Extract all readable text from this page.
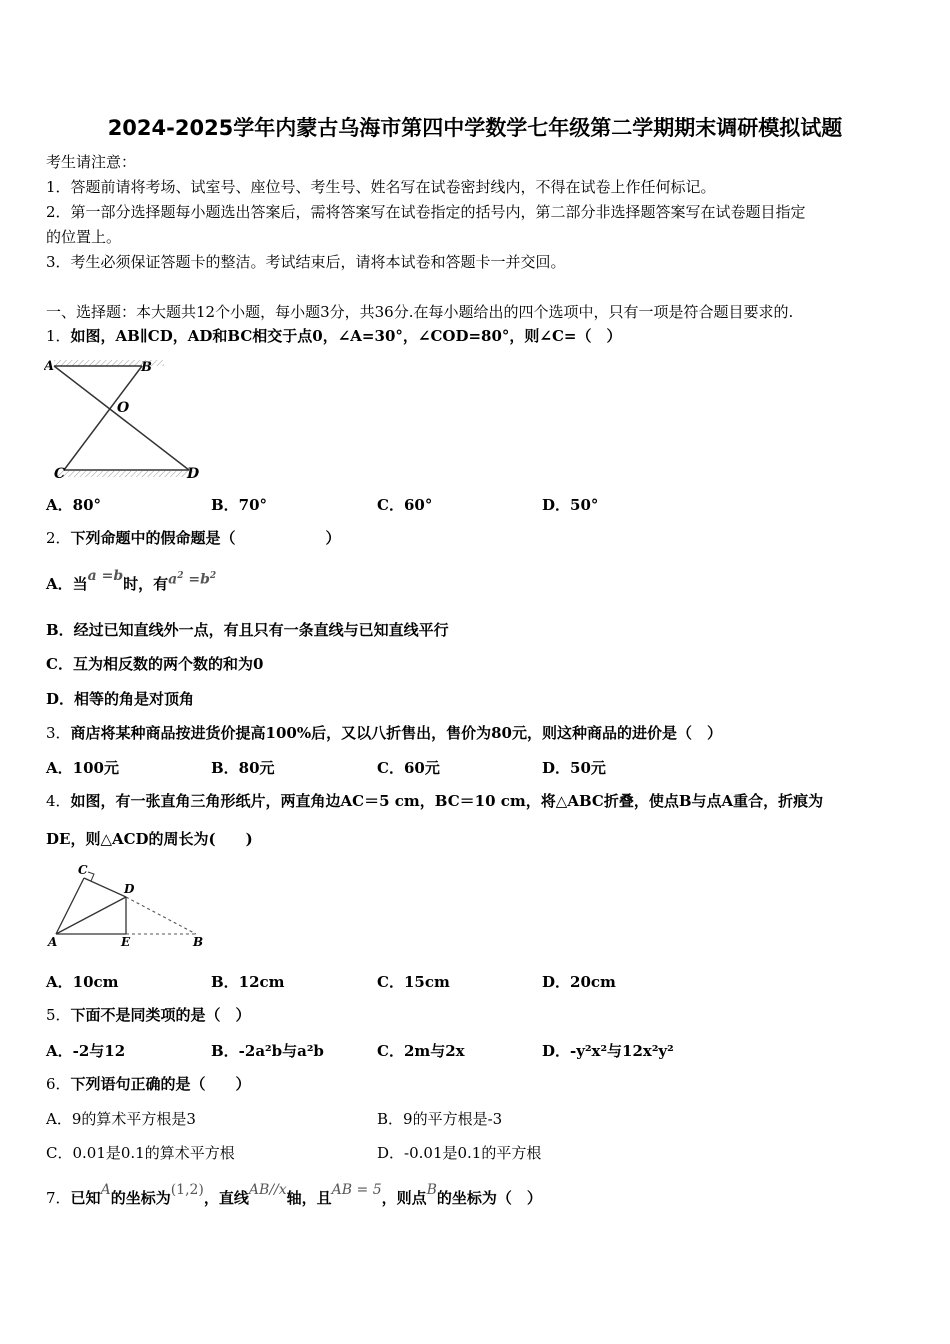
2024-2025学年内蒙古乌海市第四中学数学七年级第二学期期末调研模拟试题
考生请注意：
1．答题前请将考场、试室号、座位号、考生号、姓名写在试卷密封线内，不得在试卷上作任何标记。
2．第一部分选择题每小题选出答案后，需将答案写在试卷指定的括号内，第二部分非选择题答案写在试卷题目指定
的位置上。
3．考生必须保证答题卡的整洁。考试结束后，请将本试卷和答题卡一并交回。
一、选择题：本大题共12个小题，每小题3分，共36分.在每小题给出的四个选项中，只有一项是符合题目要求的.
1．如图，AB∥CD，AD和BC相交于点0，∠A=30°，∠COD=80°，则∠C=（　）
A	B
O
C	D
A．80°	B．70°	C．60°	D．50°
2．下列命题中的假命题是（　　　　　　）
A．当a =b时，有$a^2 =b^2$
B．经过已知直线外一点，有且只有一条直线与已知直线平行
C．互为相反数的两个数的和为0
D．相等的角是对顶角
3．商店将某种商品按进货价提高100%后，又以八折售出，售价为80元，则这种商品的进价是（　）
A．100元	B．80元	C．60元	D．50元
4．如图，有一张直角三角形纸片，两直角边AC＝5 cm，BC＝10 cm，将△ABC折叠，使点B与点A重合，折痕为
DE，则△ACD的周长为(　　)
C
D
A	E	B
A．10cm	B．12cm	C．15cm	D．20cm
5．下面不是同类项的是（　）
A．-2与12	B．-2a²b与a²b	C．2m与2x	D．-y²x²与12x²y²
6．下列语句正确的是（　　）
A．9的算术平方根是3	B．9的平方根是-3
C．0.01是0.1的算术平方根	D．-0.01是0.1的平方根
7．已知A的坐标为(1,2)，直线AB//x轴，且AB = 5，则点B的坐标为（　）
